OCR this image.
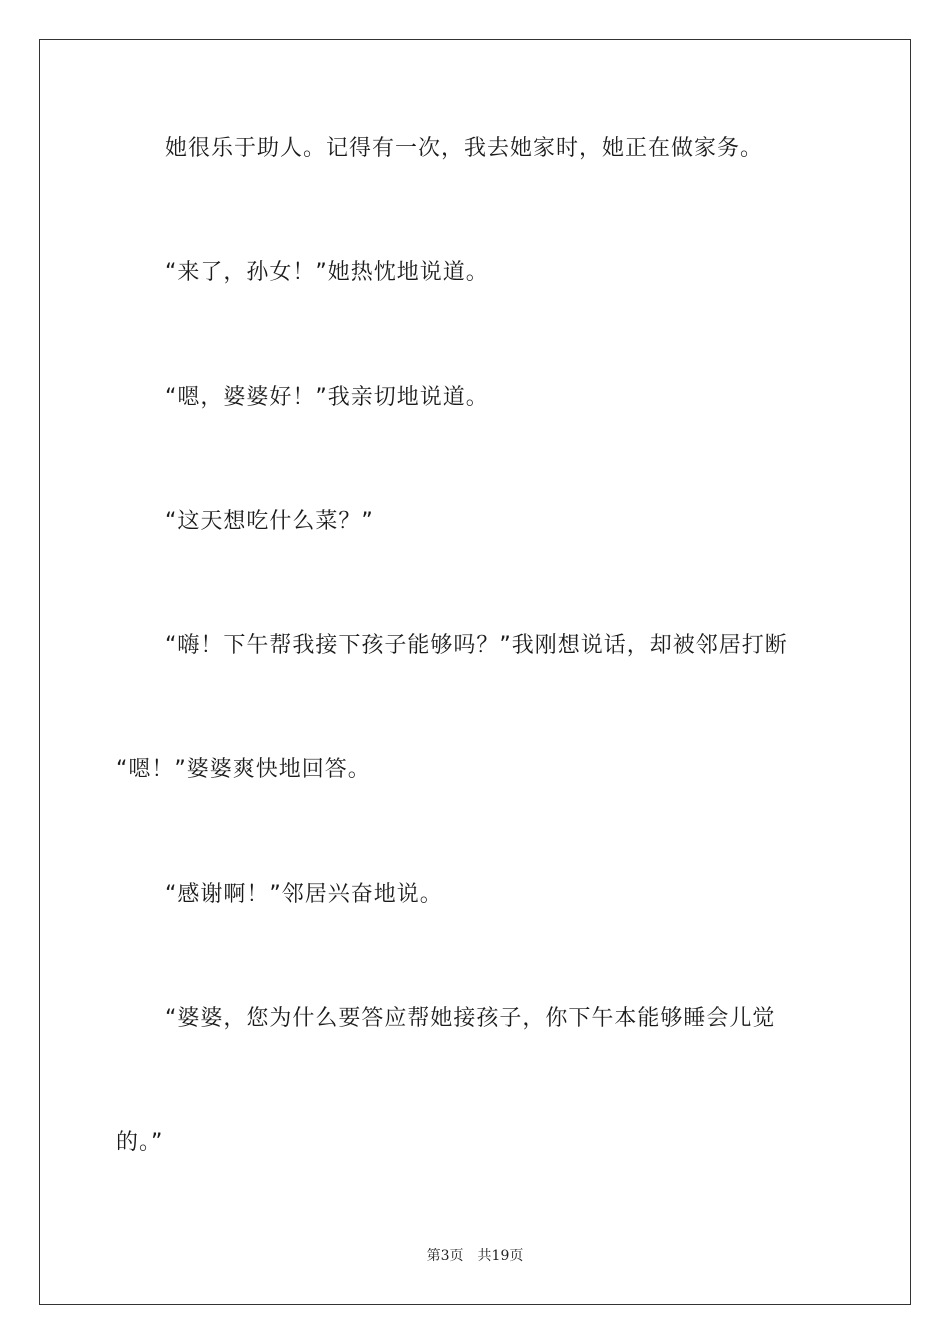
她很乐于助人。记得有一次，我去她家时，她正在做家务。

“来了，孙女！”她热忱地说道。

“嗯，婆婆好！”我亲切地说道。

“这天想吃什么菜？”

“嗨！下午帮我接下孩子能够吗？”我刚想说话，却被邻居打断

“嗯！”婆婆爽快地回答。

“感谢啊！”邻居兴奋地说。

“婆婆，您为什么要答应帮她接孩子，你下午本能够睡会儿觉

的。”

第3页 共19页
